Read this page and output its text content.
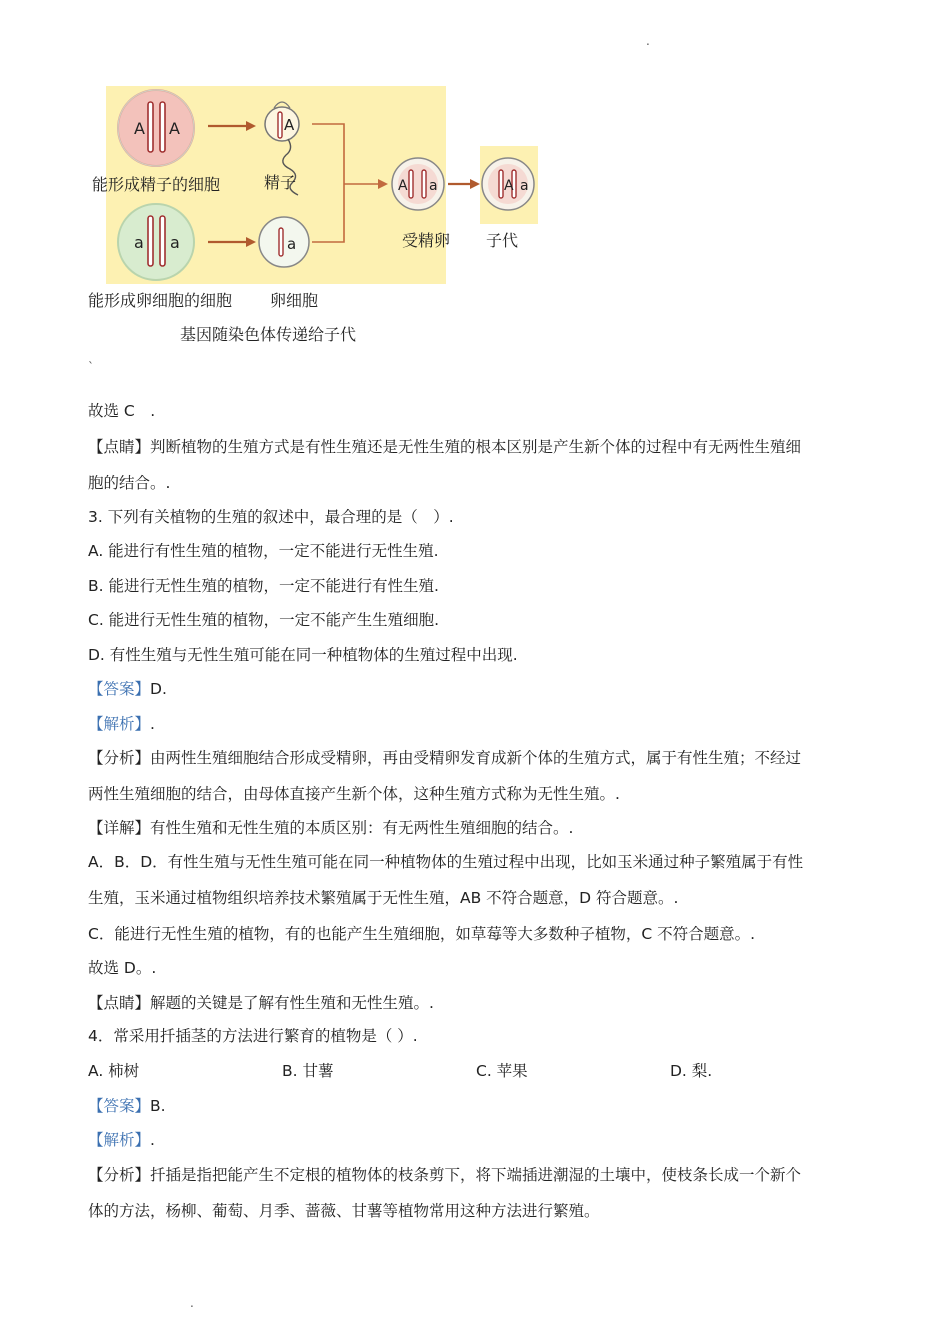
.
.
`
A A	A
a a	a
A a	A a
能形成精子的细胞	精子
受精卵 子代
能形成卵细胞的细胞 卵细胞
基因随染色体传递给子代
故选 C　.
【点睛】判断植物的生殖方式是有性生殖还是无性生殖的根本区别是产生新个体的过程中有无两性生殖细
胞的结合。.
3. 下列有关植物的生殖的叙述中，最合理的是（　）.
A. 能进行有性生殖的植物，一定不能进行无性生殖.
B. 能进行无性生殖的植物，一定不能进行有性生殖.
C. 能进行无性生殖的植物，一定不能产生生殖细胞.
D. 有性生殖与无性生殖可能在同一种植物体的生殖过程中出现.
【答案】D.
【解析】.
【分析】由两性生殖细胞结合形成受精卵，再由受精卵发育成新个体的生殖方式，属于有性生殖；不经过
两性生殖细胞的结合，由母体直接产生新个体，这种生殖方式称为无性生殖。.
【详解】有性生殖和无性生殖的本质区别：有无两性生殖细胞的结合。.
A．B．D．有性生殖与无性生殖可能在同一种植物体的生殖过程中出现，比如玉米通过种子繁殖属于有性
生殖，玉米通过植物组织培养技术繁殖属于无性生殖，AB 不符合题意，D 符合题意。.
C．能进行无性生殖的植物，有的也能产生生殖细胞，如草莓等大多数种子植物，C 不符合题意。.
故选 D。.
【点睛】解题的关键是了解有性生殖和无性生殖。.
4．常采用扦插茎的方法进行繁育的植物是（ ）.
A. 柿树	B. 甘薯	C. 苹果	D. 梨.
【答案】B.
【解析】.
【分析】扦插是指把能产生不定根的植物体的枝条剪下，将下端插进潮湿的土壤中，使枝条长成一个新个
体的方法，杨柳、葡萄、月季、蔷薇、甘薯等植物常用这种方法进行繁殖。
